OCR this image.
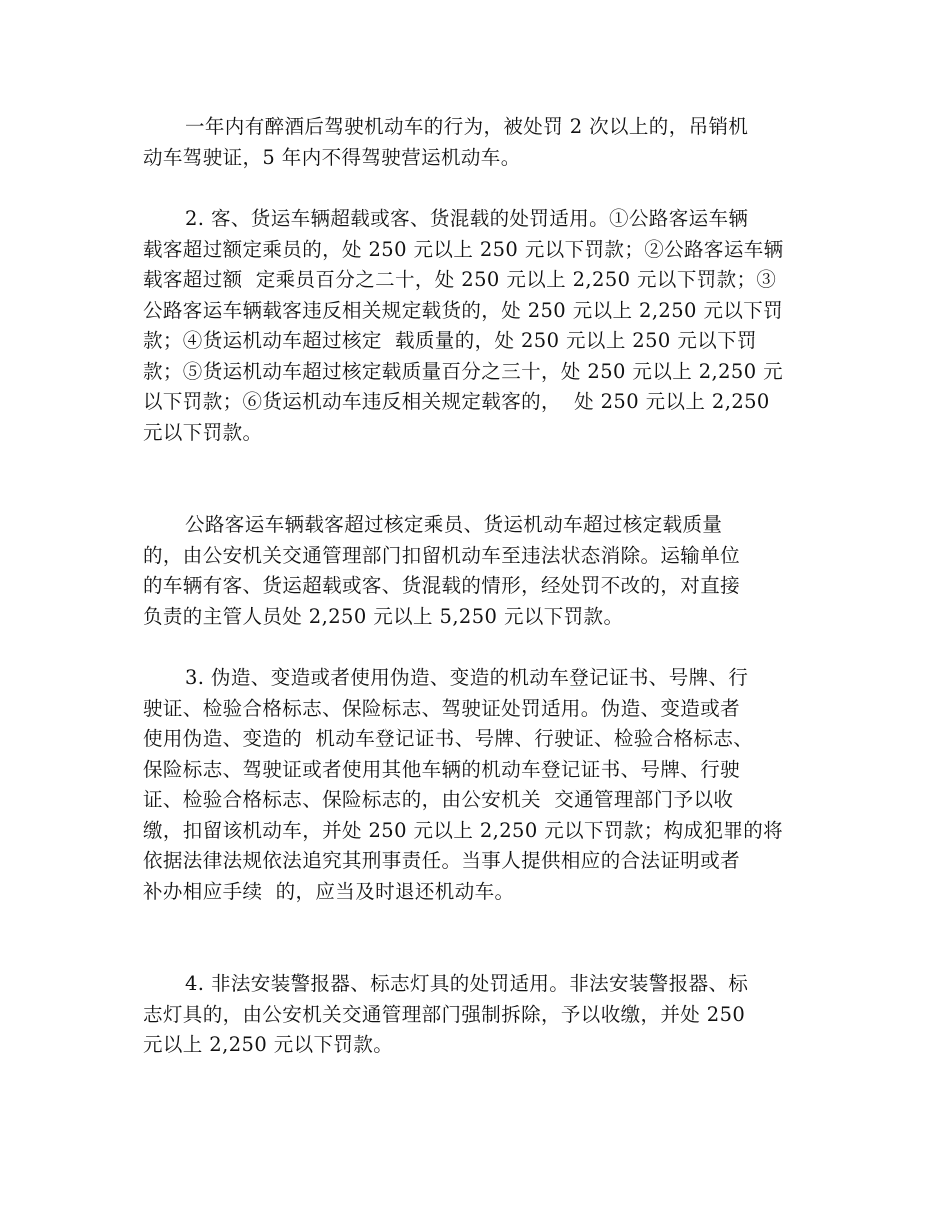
一年内有醉酒后驾驶机动车的行为，被处罚 2 次以上的，吊销机
动车驾驶证，5 年内不得驾驶营运机动车。
2. 客、货运车辆超载或客、货混载的处罚适用。①公路客运车辆
载客超过额定乘员的，处 250 元以上 250 元以下罚款；②公路客运车辆
载客超过额  定乘员百分之二十，处 250 元以上 2,250 元以下罚款；③
公路客运车辆载客违反相关规定载货的，处 250 元以上 2,250 元以下罚
款；④货运机动车超过核定  载质量的，处 250 元以上 250 元以下罚
款；⑤货运机动车超过核定载质量百分之三十，处 250 元以上 2,250 元
以下罚款；⑥货运机动车违反相关规定载客的，  处 250 元以上 2,250
元以下罚款。
公路客运车辆载客超过核定乘员、货运机动车超过核定载质量
的，由公安机关交通管理部门扣留机动车至违法状态消除。运输单位
的车辆有客、货运超载或客、货混载的情形，经处罚不改的，对直接
负责的主管人员处 2,250 元以上 5,250 元以下罚款。
3. 伪造、变造或者使用伪造、变造的机动车登记证书、号牌、行
驶证、检验合格标志、保险标志、驾驶证处罚适用。伪造、变造或者
使用伪造、变造的  机动车登记证书、号牌、行驶证、检验合格标志、
保险标志、驾驶证或者使用其他车辆的机动车登记证书、号牌、行驶
证、检验合格标志、保险标志的，由公安机关  交通管理部门予以收
缴，扣留该机动车，并处 250 元以上 2,250 元以下罚款；构成犯罪的将
依据法律法规依法追究其刑事责任。当事人提供相应的合法证明或者
补办相应手续  的，应当及时退还机动车。
4. 非法安装警报器、标志灯具的处罚适用。非法安装警报器、标
志灯具的，由公安机关交通管理部门强制拆除，予以收缴，并处 250
元以上 2,250 元以下罚款。
